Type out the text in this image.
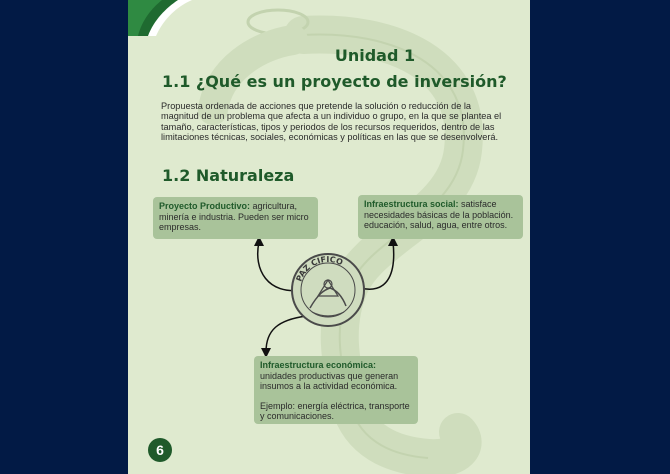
Unidad 1
1.1 ¿Qué es un proyecto de inversión?
Propuesta ordenada de acciones que pretende la solución o reducción de la magnitud de un problema que afecta a un individuo o grupo, en la que se plantea el tamaño, características, tipos y periodos de los recursos requeridos, dentro de las limitaciones técnicas, sociales, económicas y políticas en las que se desenvolverá.
1.2 Naturaleza
PAZ CIFICO
Proyecto Productivo: agricultura, minería e industria. Pueden ser micro empresas.
Infraestructura social: satisface necesidades básicas de la población. educación, salud, agua, entre otros.

Infraestructura económica: unidades productivas que generan insumos a la actividad económica.

Ejemplo: energía eléctrica, transporte y comunicaciones.

6
